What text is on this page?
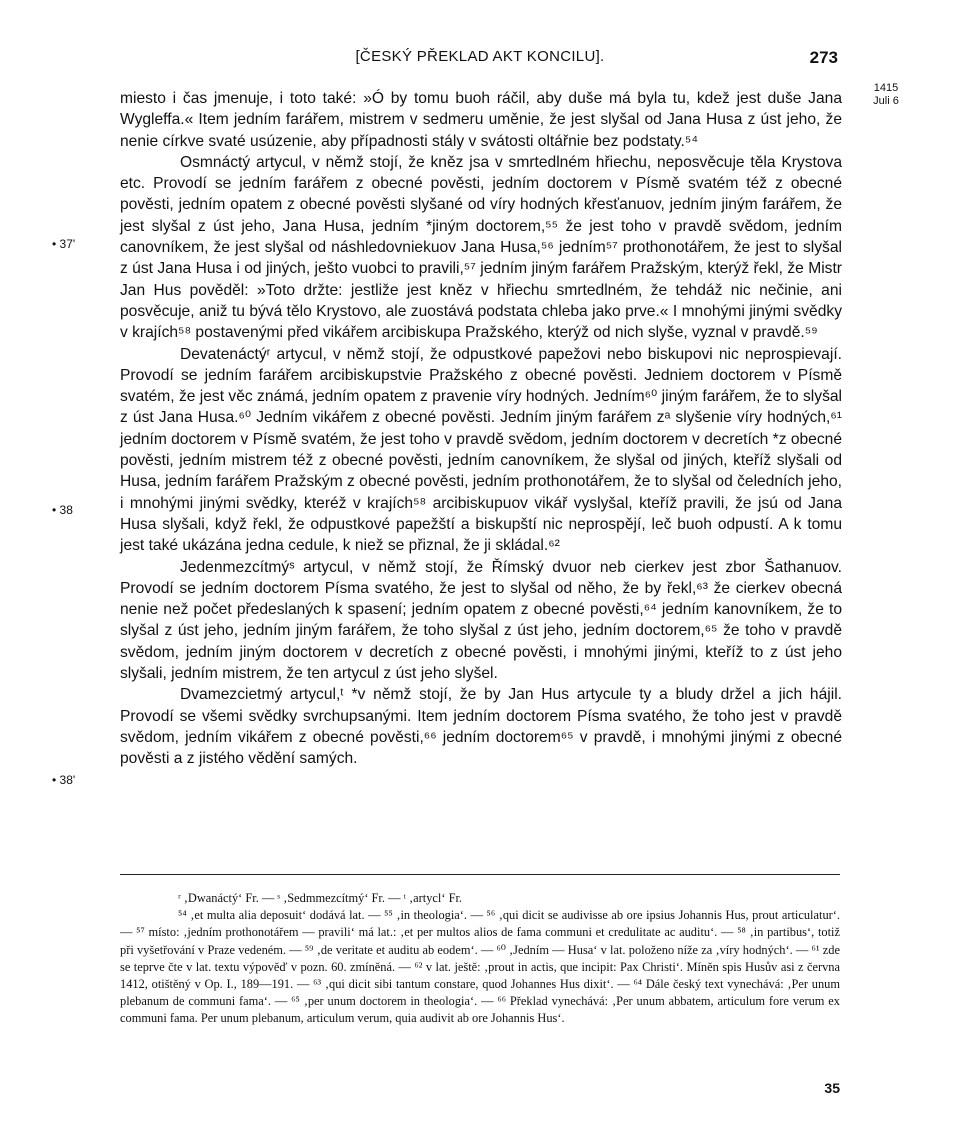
[ČESKÝ PŘEKLAD AKT KONCILU].	273
1415
Juli 6
• 37'
• 38
• 38'

miesto i čas jmenuje, i toto také: »Ó by tomu buoh ráčil, aby duše má byla tu, kdež jest duše Jana Wygleffa.« Item jedním farářem, mistrem v sedmeru uměnie, že jest slyšal od Jana Husa z úst jeho, že nenie církve svaté usúzenie, aby případnosti stály v svátosti oltářnie bez podstaty.⁵⁴

Osmnáctý artycul, v němž stojí, že kněz jsa v smrtedlném hřiechu, neposvěcuje těla Krystova etc. Provodí se jedním farářem z obecné pověsti, jedním doctorem v Písmě svatém též z obecné pověsti, jedním opatem z obecné pověsti slyšané od víry hodných křesťanuov, jedním jiným farářem, že jest slyšal z úst jeho, Jana Husa, jedním *jiným doctorem,⁵⁵ že jest toho v pravdě svědom, jedním canovníkem, že jest slyšal od náshledovniekuov Jana Husa,⁵⁶ jedním⁵⁷ prothonotářem, že jest to slyšal z úst Jana Husa i od jiných, ješto vuobci to pravili,⁵⁷ jedním jiným farářem Pražským, kterýž řekl, že Mistr Jan Hus pověděl: »Toto držte: jestliže jest kněz v hřiechu smrtedlném, že tehdáž nic nečinie, ani posvěcuje, aniž tu bývá tělo Krystovo, ale zuostává podstata chleba jako prve.« I mnohými jinými svědky v krajích⁵⁸ postavenými před vikářem arcibiskupa Pražského, kterýž od nich slyše, vyznal v pravdě.⁵⁹

Devatenáctýʳ artycul, v němž stojí, že odpustkové papežovi nebo biskupovi nic neprospievají. Provodí se jedním farářem arcibiskupstvie Pražského z obecné pověsti. Jedniem doctorem v Písmě svatém, že jest věc známá, jedním opatem z pravenie víry hodných. Jedním⁶⁰ jiným farářem, že to slyšal z úst Jana Husa.⁶⁰ Jedním vikářem z obecné pověsti. Jedním jiným farářem zᵃ slyšenie víry hodných,⁶¹ jedním doctorem v Písmě svatém, že jest toho v pravdě svědom, jedním doctorem v decretích *z obecné pověsti, jedním mistrem též z obecné pověsti, jedním canovníkem, že slyšal od jiných, kteříž slyšali od Husa, jedním farářem Pražským z obecné pověsti, jedním prothonotářem, že to slyšal od čeledních jeho, i mnohými jinými svědky, kteréž v krajích⁵⁸ arcibiskupuov vikář vyslyšal, kteříž pravili, že jsú od Jana Husa slyšali, když řekl, že odpustkové papežští a biskupští nic neprospějí, leč buoh odpustí. A k tomu jest také ukázána jedna cedule, k niež se přiznal, že ji skládal.⁶²

Jedenmezcítmýˢ artycul, v němž stojí, že Římský dvuor neb cierkev jest zbor Šathanuov. Provodí se jedním doctorem Písma svatého, že jest to slyšal od něho, že by řekl,⁶³ že cierkev obecná nenie než počet předeslaných k spasení; jedním opatem z obecné pověsti,⁶⁴ jedním kanovníkem, že to slyšal z úst jeho, jedním jiným farářem, že toho slyšal z úst jeho, jedním doctorem,⁶⁵ že toho v pravdě svědom, jedním jiným doctorem v decretích z obecné pověsti, i mnohými jinými, kteříž to z úst jeho slyšali, jedním mistrem, že ten artycul z úst jeho slyšel.

Dvamezcietmý artycul,ᵗ *v němž stojí, že by Jan Hus artycule ty a bludy držel a jich hájil. Provodí se všemi svědky svrchupsanými. Item jedním doctorem Písma svatého, že toho jest v pravdě svědom, jedním vikářem z obecné pověsti,⁶⁶ jedním doctorem⁶⁵ v pravdě, i mnohými jinými z obecné pověsti a z jistého vědění samých.

ʳ ‚Dwanáctý‘ Fr. — ˢ ‚Sedmmezcítmý‘ Fr. — ᵗ ‚artycl‘ Fr.

⁵⁴ ‚et multa alia deposuit‘ dodává lat. — ⁵⁵ ‚in theologia‘. — ⁵⁶ ‚qui dicit se audivisse ab ore ipsius Johannis Hus, prout articulatur‘. — ⁵⁷ místo: ‚jedním prothonotářem — pravili‘ má lat.: ‚et per multos alios de fama communi et credulitate ac auditu‘. — ⁵⁸ ‚in partibus‘, totiž při vyšetřování v Praze vedeném. — ⁵⁹ ‚de veritate et auditu ab eodem‘. — ⁶⁰ ‚Jedním — Husa‘ v lat. položeno níže za ‚víry hodných‘. — ⁶¹ zde se teprve čte v lat. textu výpověď v pozn. 60. zmíněná. — ⁶² v lat. ještě: ‚prout in actis, que incipit: Pax Christi‘. Míněn spis Husův asi z června 1412, otištěný v Op. I., 189—191. — ⁶³ ‚qui dicit sibi tantum constare, quod Johannes Hus dixit‘. — ⁶⁴ Dále český text vynechává: ‚Per unum plebanum de communi fama‘. — ⁶⁵ ‚per unum doctorem in theologia‘. — ⁶⁶ Překlad vynechává: ‚Per unum abbatem, articulum fore verum ex communi fama. Per unum plebanum, articulum verum, quia audivit ab ore Johannis Hus‘.

35
